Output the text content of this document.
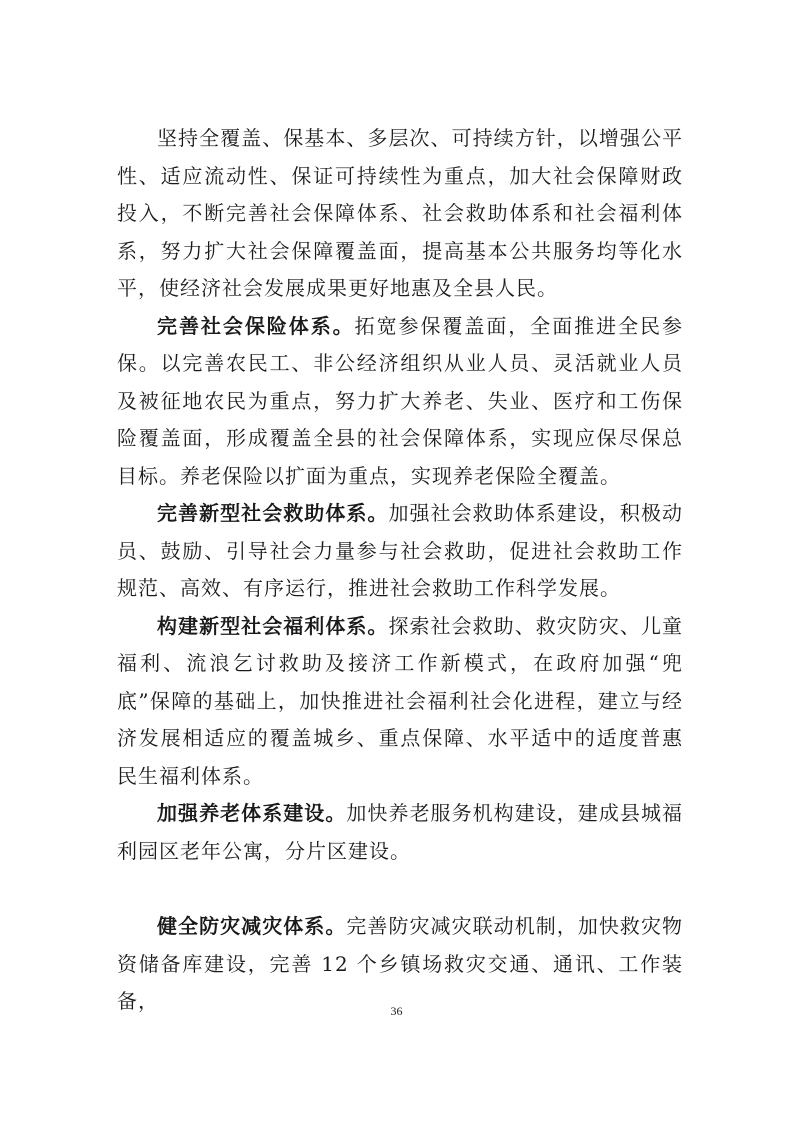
坚持全覆盖、保基本、多层次、可持续方针，以增强公平性、适应流动性、保证可持续性为重点，加大社会保障财政投入，不断完善社会保障体系、社会救助体系和社会福利体系，努力扩大社会保障覆盖面，提高基本公共服务均等化水平，使经济社会发展成果更好地惠及全县人民。

完善社会保险体系。拓宽参保覆盖面，全面推进全民参保。以完善农民工、非公经济组织从业人员、灵活就业人员及被征地农民为重点，努力扩大养老、失业、医疗和工伤保险覆盖面，形成覆盖全县的社会保障体系，实现应保尽保总目标。养老保险以扩面为重点，实现养老保险全覆盖。

完善新型社会救助体系。加强社会救助体系建设，积极动员、鼓励、引导社会力量参与社会救助，促进社会救助工作规范、高效、有序运行，推进社会救助工作科学发展。

构建新型社会福利体系。探索社会救助、救灾防灾、儿童福利、流浪乞讨救助及接济工作新模式，在政府加强“兜底”保障的基础上，加快推进社会福利社会化进程，建立与经济发展相适应的覆盖城乡、重点保障、水平适中的适度普惠民生福利体系。

加强养老体系建设。加快养老服务机构建设，建成县城福利园区老年公寓，分片区建设。

健全防灾减灾体系。完善防灾减灾联动机制，加快救灾物资储备库建设，完善 12 个乡镇场救灾交通、通讯、工作装备，	36
